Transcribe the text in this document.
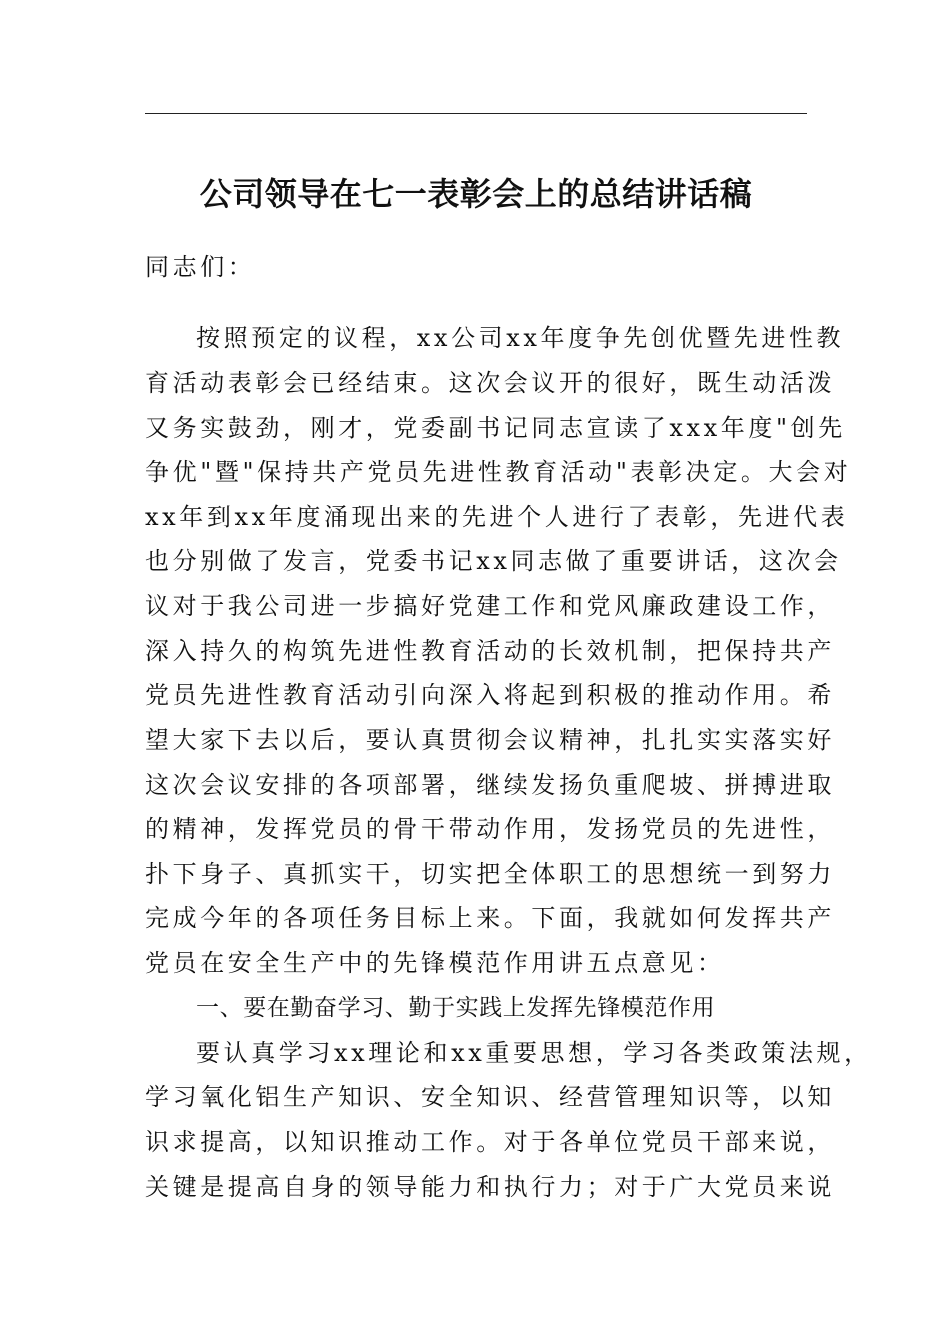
公司领导在七一表彰会上的总结讲话稿
同志们：
按照预定的议程，xx公司xx年度争先创优暨先进性教
育活动表彰会已经结束。这次会议开的很好，既生动活泼
又务实鼓劲，刚才，党委副书记同志宣读了xxx年度"创先
争优"暨"保持共产党员先进性教育活动"表彰决定。大会对
xx年到xx年度涌现出来的先进个人进行了表彰，先进代表
也分别做了发言，党委书记xx同志做了重要讲话，这次会
议对于我公司进一步搞好党建工作和党风廉政建设工作，
深入持久的构筑先进性教育活动的长效机制，把保持共产
党员先进性教育活动引向深入将起到积极的推动作用。希
望大家下去以后，要认真贯彻会议精神，扎扎实实落实好
这次会议安排的各项部署，继续发扬负重爬坡、拼搏进取
的精神，发挥党员的骨干带动作用，发扬党员的先进性，
扑下身子、真抓实干，切实把全体职工的思想统一到努力
完成今年的各项任务目标上来。下面，我就如何发挥共产
党员在安全生产中的先锋模范作用讲五点意见：
一、要在勤奋学习、勤于实践上发挥先锋模范作用
要认真学习xx理论和xx重要思想，学习各类政策法规，
学习氧化铝生产知识、安全知识、经营管理知识等，以知
识求提高，以知识推动工作。对于各单位党员干部来说，
关键是提高自身的领导能力和执行力；对于广大党员来说
